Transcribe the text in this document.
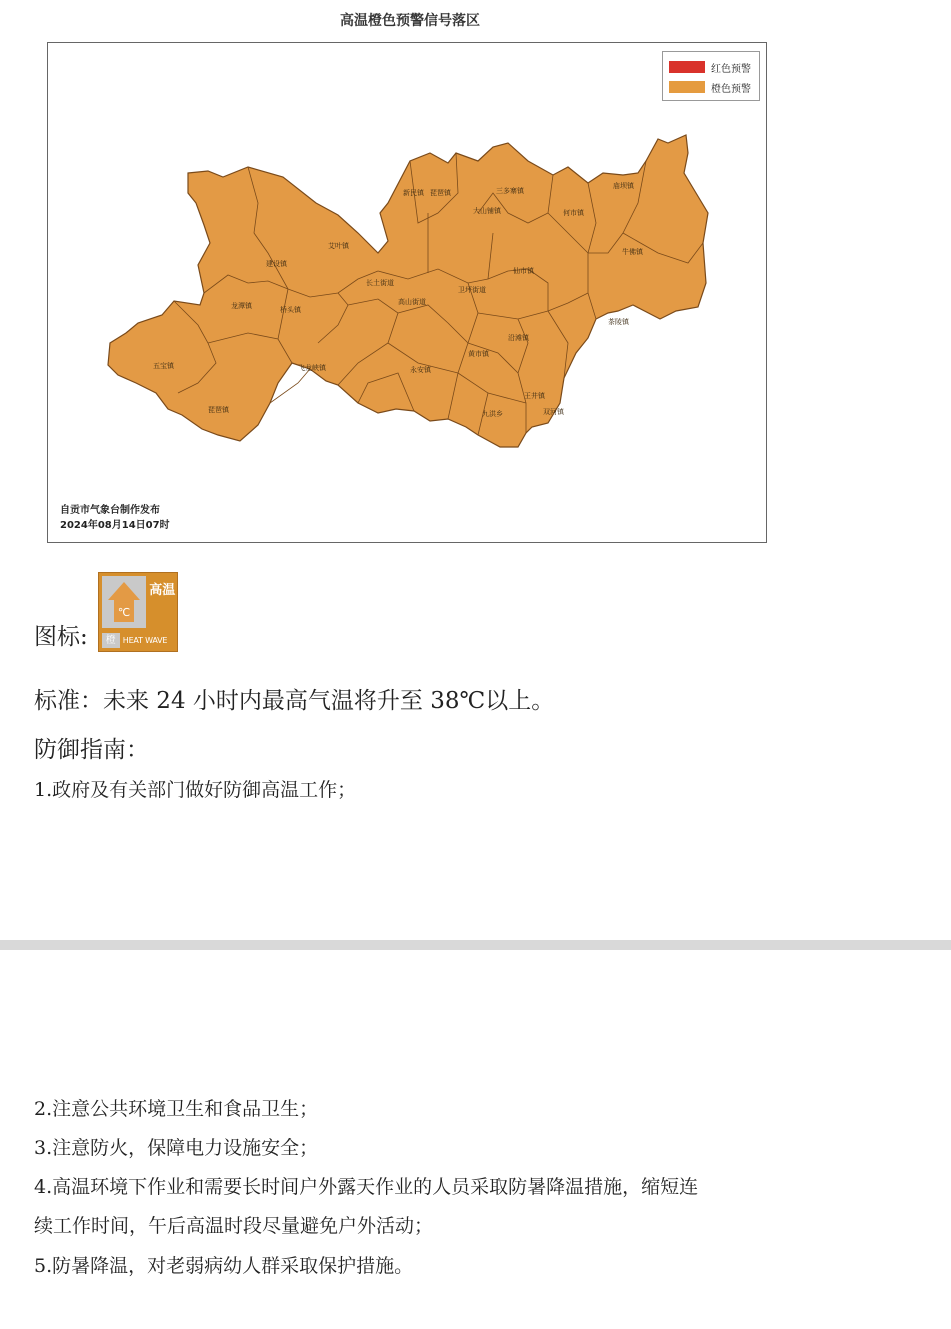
高温橙色预警信号落区
红色预警
橙色预警
五宝镇
琵琶镇
龙潭镇
建设镇
艾叶镇
长土街道
新民镇
桥头镇
高山街道
卫坪街道
仙市镇
何市镇
牛佛镇
三多寨镇
大山铺镇
飞龙峡镇	永安镇
黄市镇
九洪乡
庙坝镇
王井镇
沿滩镇
茶陵镇
琵琶镇
双河镇
自贡市气象台制作发布
2024年08月14日07时
图标:
℃
高温
橙 HEAT WAVE
标准：未来 24 小时内最高气温将升至 38℃以上。
防御指南：
1.政府及有关部门做好防御高温工作；
2.注意公共环境卫生和食品卫生；
3.注意防火，保障电力设施安全；
4.高温环境下作业和需要长时间户外露天作业的人员采取防暑降温措施，缩短连
续工作时间，午后高温时段尽量避免户外活动；
5.防暑降温，对老弱病幼人群采取保护措施。
